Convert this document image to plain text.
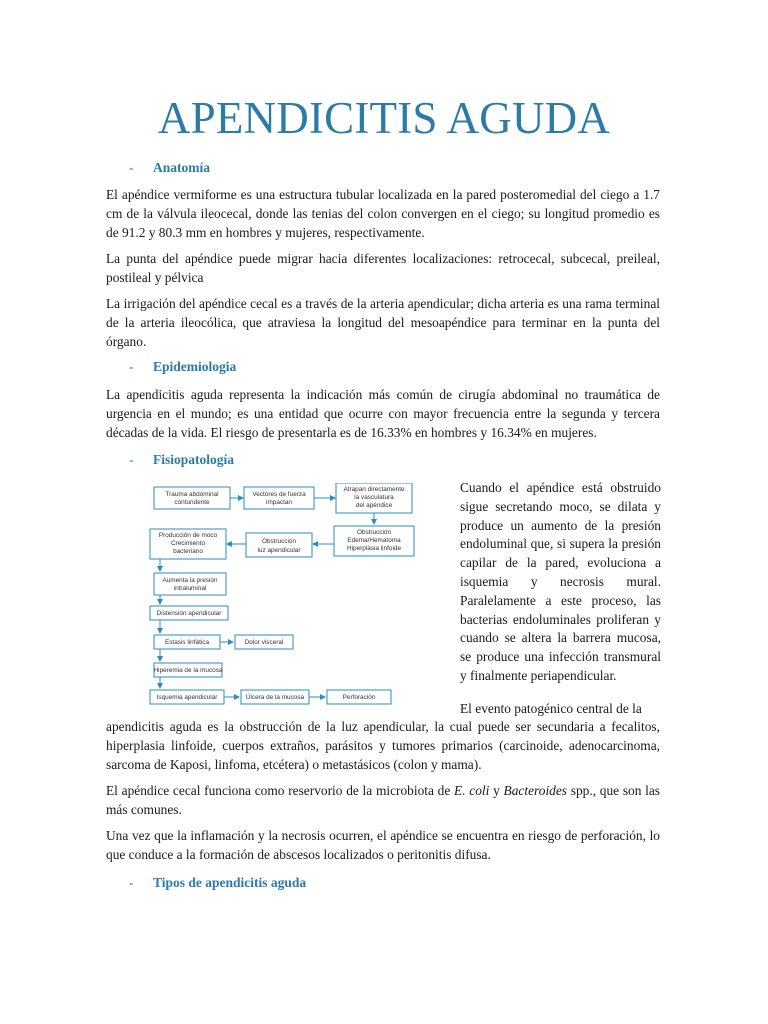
APENDICITIS AGUDA
- Anatomía

El apéndice vermiforme es una estructura tubular localizada en la pared posteromedial del ciego a 1.7 cm de la válvula ileocecal, donde las tenias del colon convergen en el ciego; su longitud promedio es de 91.2 y 80.3 mm en hombres y mujeres, respectivamente.

La punta del apéndice puede migrar hacia diferentes localizaciones: retrocecal, subcecal, preileal, postileal y pélvica

La irrigación del apéndice cecal es a través de la arteria apendicular; dicha arteria es una rama terminal de la arteria ileocólica, que atraviesa la longitud del mesoapéndice para terminar en la punta del órgano.

- Epidemiologia

La apendicitis aguda representa la indicación más común de cirugía abdominal no traumática de urgencia en el mundo; es una entidad que ocurre con mayor frecuencia entre la segunda y tercera décadas de la vida. El riesgo de presentarla es de 16.33% en hombres y 16.34% en mujeres.

- Fisiopatología
Trauma abdominal
contundente
Vectores de fuerza
impactan
Atrapan directamente
la vasculatura
del apéndice
Producción de moco
Crecimiento
bacteriano
Obstrucción
luz apendicular
Obstrucción
Edema/Hematoma
Hiperplasia linfoide
Aumenta la presión
intraluminal
Distensión apendicular
Estasis linfática	Dolor visceral
Hiperemia de la mucosa
Isquemia apendicular	Úlcera de la mucosa	Perforación

Cuando el apéndice está obstruido sigue secretando moco, se dilata y produce un aumento de la presión endoluminal que, si supera la presión capilar de la pared, evoluciona a isquemia y necrosis mural. Paralelamente a este proceso, las bacterias endoluminales proliferan y cuando se altera la barrera mucosa, se produce una infección transmural y finalmente periapendicular.

El evento patogénico central de la

apendicitis aguda es la obstrucción de la luz apendicular, la cual puede ser secundaria a fecalitos, hiperplasia linfoide, cuerpos extraños, parásitos y tumores primarios (carcinoide, adenocarcinoma, sarcoma de Kaposi, linfoma, etcétera) o metastásicos (colon y mama).

El apéndice cecal funciona como reservorio de la microbiota de E. coli y Bacteroides spp., que son las más comunes.

Una vez que la inflamación y la necrosis ocurren, el apéndice se encuentra en riesgo de perforación, lo que conduce a la formación de abscesos localizados o peritonitis difusa.

- Tipos de apendicitis aguda
